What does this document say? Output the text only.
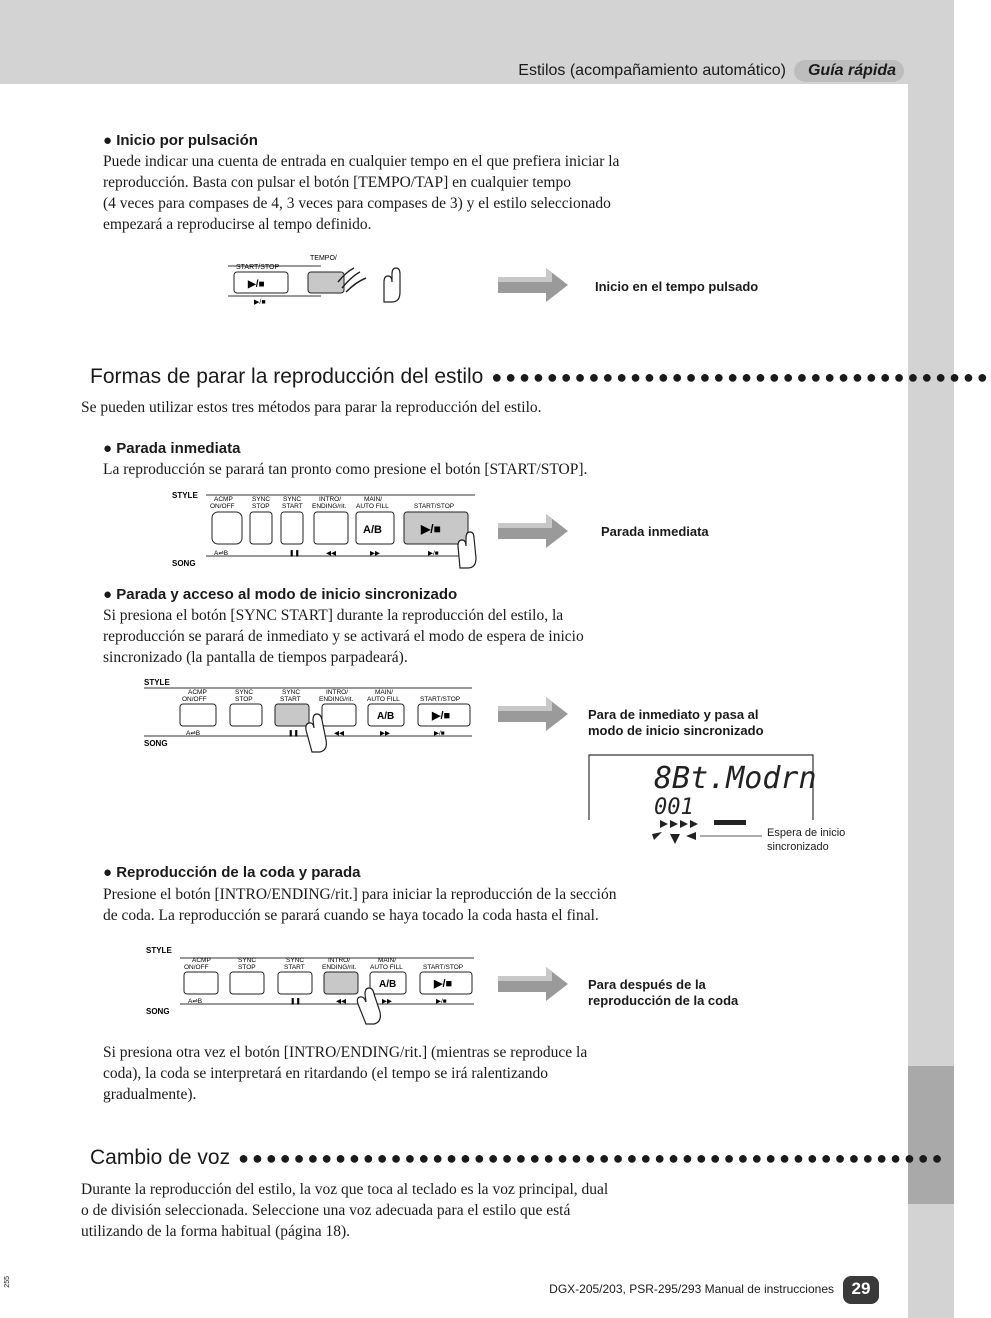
Estilos (acompañamiento automático)	Guía rápida
● Inicio por pulsación
Puede indicar una cuenta de entrada en cualquier tempo en el que prefiera iniciar la
reproducción. Basta con pulsar el botón [TEMPO/TAP] en cualquier tempo
(4 veces para compases de 4, 3 veces para compases de 3) y el estilo seleccionado
empezará a reproducirse al tempo definido.
START/STOP
TEMPO/
▶/■
▶/■
Inicio en el tempo pulsado
Formas de parar la reproducción del estilo ●●●●●●●●●●●●●●●●●●●●●●●●●●●●●●●●●●●●
Se pueden utilizar estos tres métodos para parar la reproducción del estilo.
● Parada inmediata
La reproducción se parará tan pronto como presione el botón [START/STOP].
STYLE
SONG
ACMP
ON/OFF
SYNC
STOP
SYNC
START
INTRO/
ENDING/rit.
MAIN/
AUTO FILL	START/STOP
A/B	▶/■
A⇌B	❚❚	◀◀	▶▶	▶/■
Parada inmediata
● Parada y acceso al modo de inicio sincronizado
Si presiona el botón [SYNC START] durante la reproducción del estilo, la
reproducción se parará de inmediato y se activará el modo de espera de inicio
sincronizado (la pantalla de tiempos parpadeará).
STYLE
SONG
ACMP
ON/OFF
SYNC
STOP
SYNC
START
INTRO/
ENDING/rit.
MAIN/
AUTO FILL	START/STOP
A/B	▶/■
A⇌B	❚❚	◀◀	▶▶	▶/■
Para de inmediato y pasa al
modo de inicio sincronizado
8Bt.Modrn
001
Espera de inicio
sincronizado
● Reproducción de la coda y parada
Presione el botón [INTRO/ENDING/rit.] para iniciar la reproducción de la sección
de coda. La reproducción se parará cuando se haya tocado la coda hasta el final.
STYLE
SONG
ACMP
ON/OFF
SYNC
STOP
SYNC
START
INTRO/
ENDING/rit.
MAIN/
AUTO FILL	START/STOP
A/B	▶/■
A⇌B	❚❚	◀◀	▶▶	▶/■
Para después de la
reproducción de la coda
Si presiona otra vez el botón [INTRO/ENDING/rit.] (mientras se reproduce la
coda), la coda se interpretará en ritardando (el tempo se irá ralentizando
gradualmente).
Cambio de voz ●●●●●●●●●●●●●●●●●●●●●●●●●●●●●●●●●●●●●●●●●●●●●●●●●●●
Durante la reproducción del estilo, la voz que toca al teclado es la voz principal, dual
o de división seleccionada. Seleccione una voz adecuada para el estilo que está
utilizando de la forma habitual (página 18).
255
DGX-205/203, PSR-295/293 Manual de instrucciones	29
